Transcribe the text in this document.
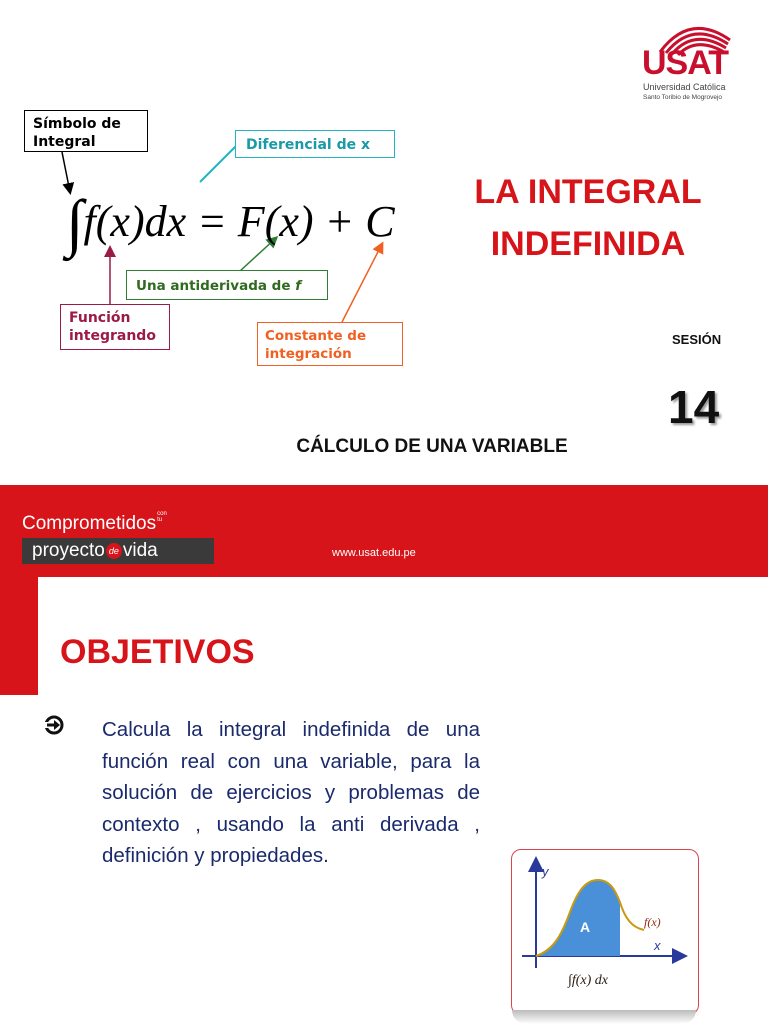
USAT
Universidad Católica
Santo Toribio de Mogrovejo
Símbolo de
Integral	Diferencial de x
∫f(x)dx = F(x) + C
Una antiderivada de f
Función
integrando	Constante de
integración
LA INTEGRAL
INDEFINIDA
SESIÓN
14
CÁLCULO DE UNA VARIABLE
Comprometidoscon
tu
proyecto de vida	www.usat.edu.pe
OBJETIVOS
Calcula la integral indefinida de una función real con una variable, para la solución de ejercicios y problemas de contexto , usando la anti derivada , definición y propiedades.
y
x
A	f(x)
∫f(x) dx
